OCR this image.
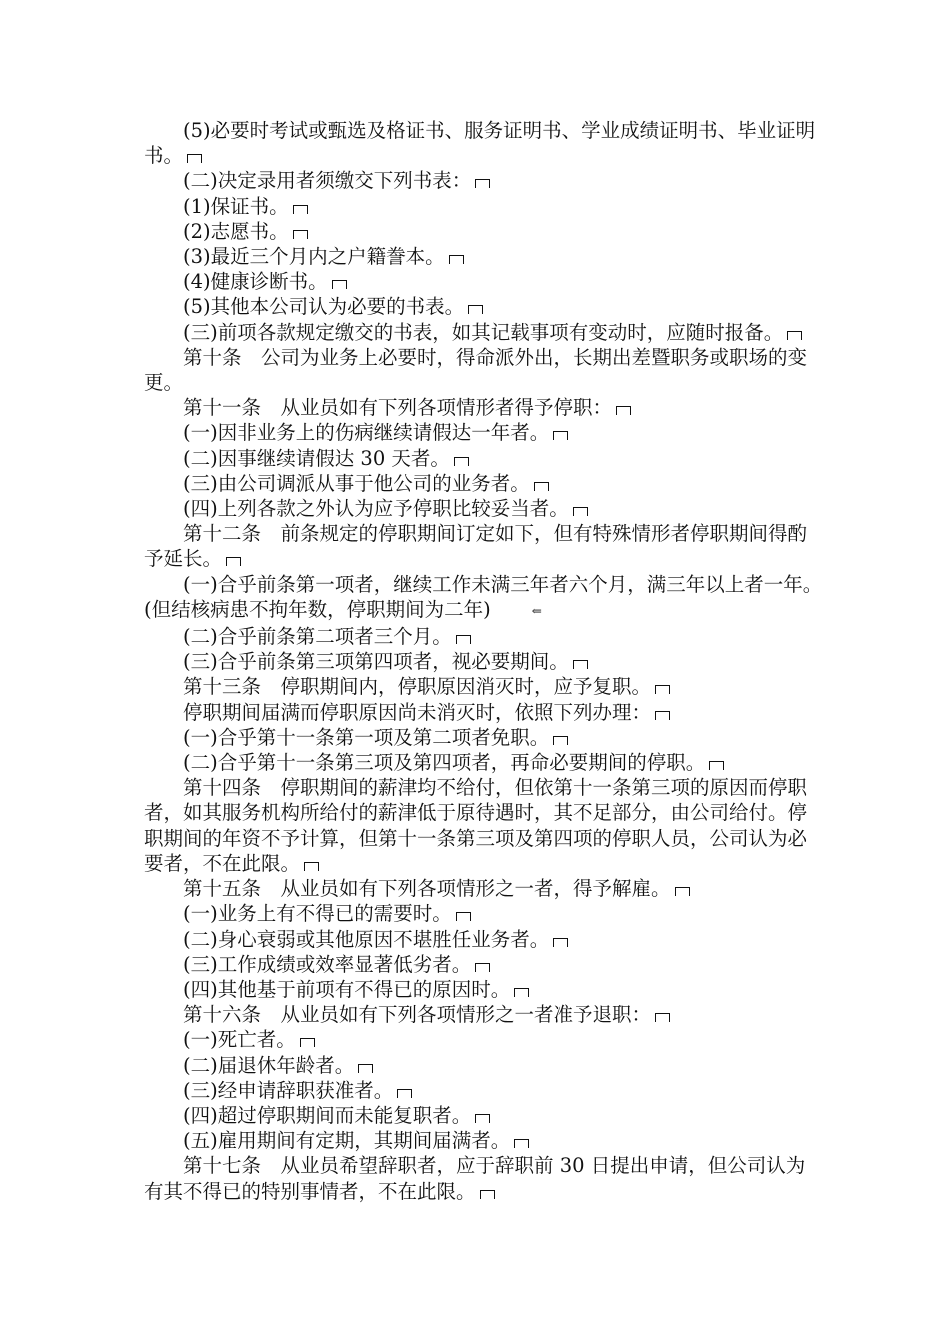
(5)必要时考试或甄选及格证书、服务证明书、学业成绩证明书、毕业证明书。

(二)决定录用者须缴交下列书表：

(1)保证书。

(2)志愿书。

(3)最近三个月内之户籍誊本。

(4)健康诊断书。

(5)其他本公司认为必要的书表。

(三)前项各款规定缴交的书表，如其记载事项有变动时，应随时报备。

第十条　公司为业务上必要时，得命派外出，长期出差暨职务或职场的变更。

第十一条　从业员如有下列各项情形者得予停职：

(一)因非业务上的伤病继续请假达一年者。

(二)因事继续请假达 30 天者。

(三)由公司调派从事于他公司的业务者。

(四)上列各款之外认为应予停职比较妥当者。

第十二条　前条规定的停职期间订定如下，但有特殊情形者停职期间得酌予延长。

(一)合乎前条第一项者，继续工作未满三年者六个月，满三年以上者一年。(但结核病患不拘年数，停职期间为二年)	⇐

(二)合乎前条第二项者三个月。

(三)合乎前条第三项第四项者，视必要期间。

第十三条　停职期间内，停职原因消灭时，应予复职。

停职期间届满而停职原因尚未消灭时，依照下列办理：

(一)合乎第十一条第一项及第二项者免职。

(二)合乎第十一条第三项及第四项者，再命必要期间的停职。

第十四条　停职期间的薪津均不给付，但依第十一条第三项的原因而停职者，如其服务机构所给付的薪津低于原待遇时，其不足部分，由公司给付。停职期间的年资不予计算，但第十一条第三项及第四项的停职人员，公司认为必要者，不在此限。

第十五条　从业员如有下列各项情形之一者，得予解雇。

(一)业务上有不得已的需要时。

(二)身心衰弱或其他原因不堪胜任业务者。

(三)工作成绩或效率显著低劣者。

(四)其他基于前项有不得已的原因时。

第十六条　从业员如有下列各项情形之一者准予退职：

(一)死亡者。

(二)届退休年龄者。

(三)经申请辞职获准者。

(四)超过停职期间而未能复职者。

(五)雇用期间有定期，其期间届满者。

第十七条　从业员希望辞职者，应于辞职前 30 日提出申请，但公司认为有其不得已的特别事情者，不在此限。
